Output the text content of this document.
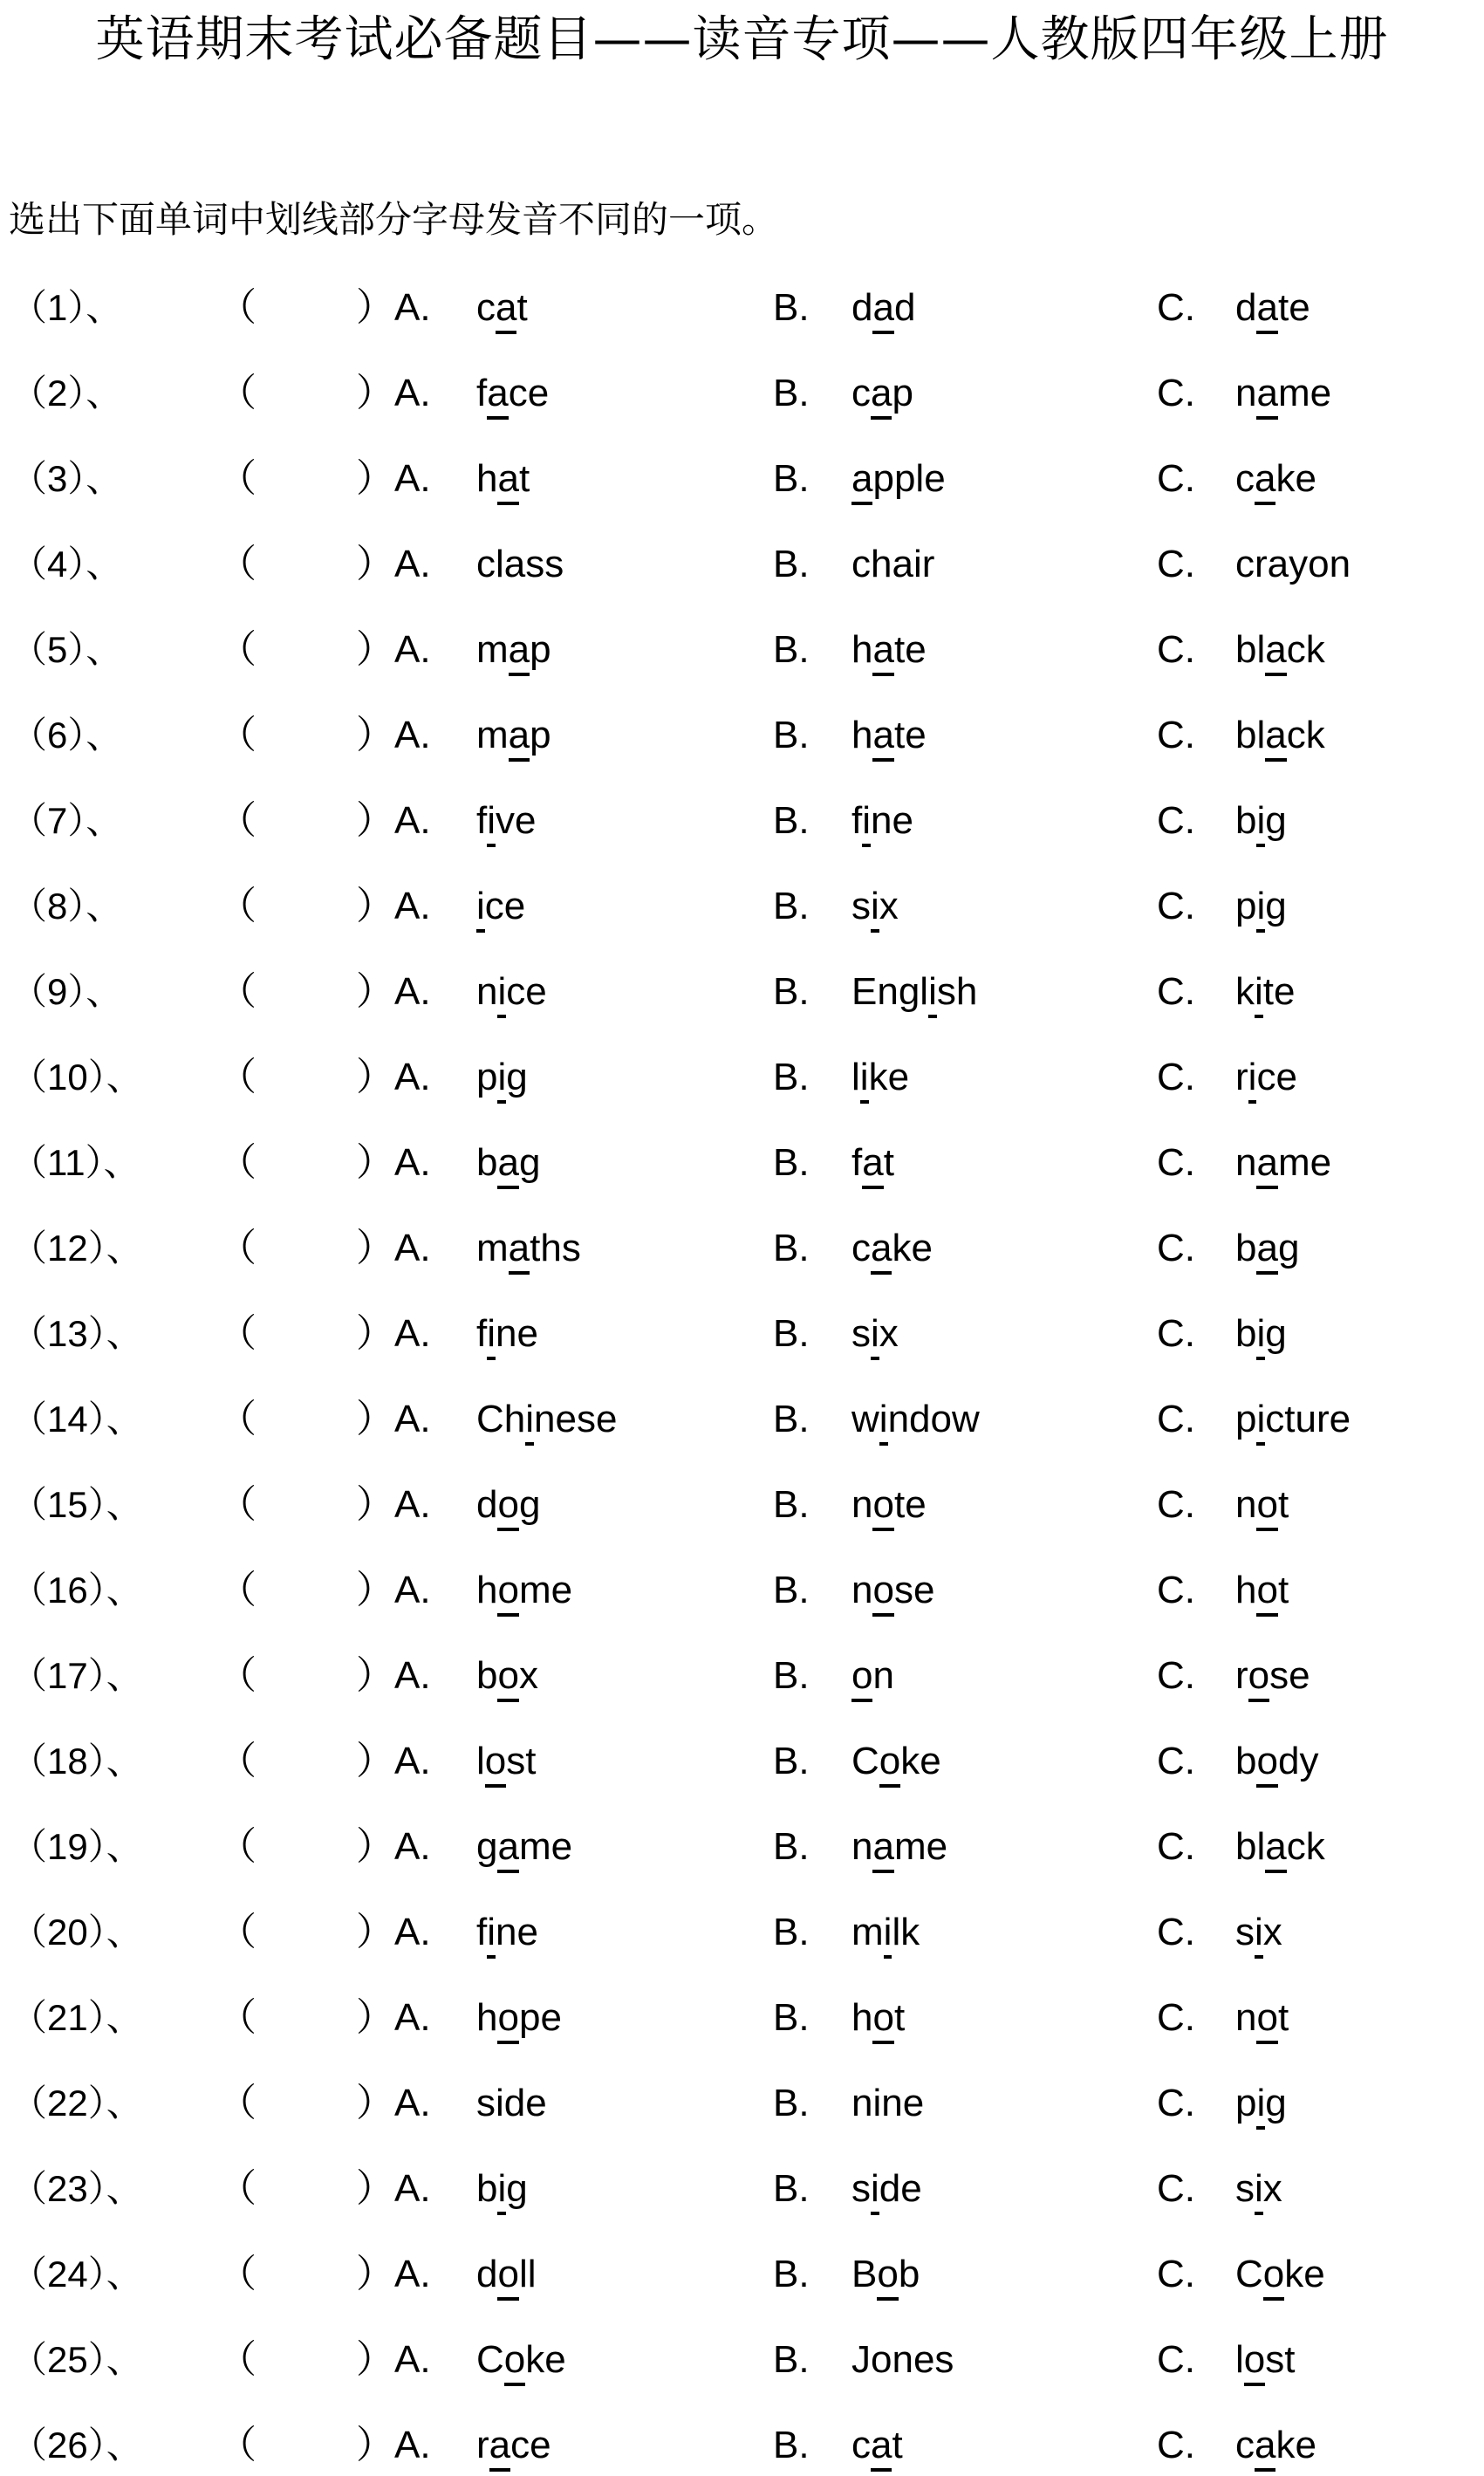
英语期末考试必备题目——读音专项——人教版四年级上册
选出下面单词中划线部分字母发音不同的一项。
（1）、 （	） A. cat	B. dad	C. date
（2）、 （	） A. face	B. cap	C. name
（3）、 （	） A. hat	B. apple	C. cake
（4）、 （	） A. class	B. chair	C. crayon
（5）、 （	） A. map	B. hate	C. black
（6）、 （	） A. map	B. hate	C. black
（7）、 （	） A. five	B. fine	C. big
（8）、 （	） A. ice	B. six	C. pig
（9）、 （	） A. nice	B. English	C. kite
（10）、 （	） A. pig	B. like	C. rice
（11）、 （	） A. bag	B. fat	C. name
（12）、 （	） A. maths	B. cake	C. bag
（13）、 （	） A. fine	B. six	C. big
（14）、 （	） A. Chinese	B. window	C. picture
（15）、 （	） A. dog	B. note	C. not
（16）、 （	） A. home	B. nose	C. hot
（17）、 （	） A. box	B. on	C. rose
（18）、 （	） A. lost	B. Coke	C. body
（19）、 （	） A. game	B. name	C. black
（20）、 （	） A. fine	B. milk	C. six
（21）、 （	） A. hope	B. hot	C. not
（22）、 （	） A. side	B. nine	C. pig
（23）、 （	） A. big	B. side	C. six
（24）、 （	） A. doll	B. Bob	C. Coke
（25）、 （	） A. Coke	B. Jones	C. lost
（26）、 （	） A. race	B. cat	C. cake
